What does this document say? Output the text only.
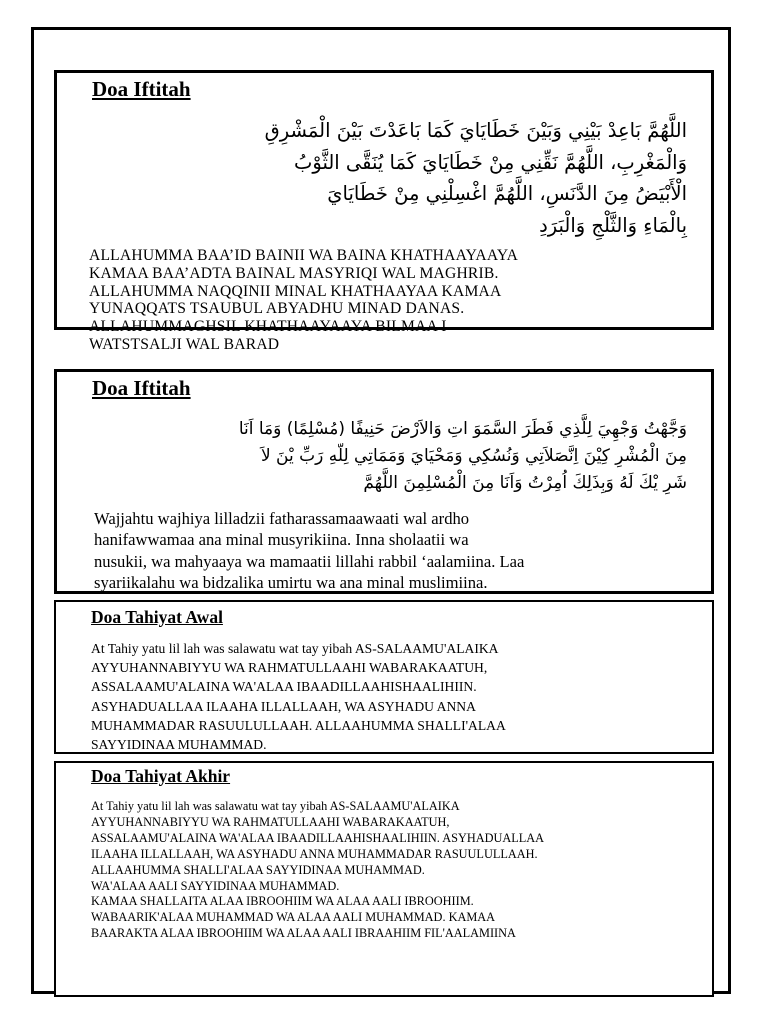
Doa Iftitah
اللَّهُمَّ بَاعِدْ بَيْنِي وَبَيْنَ خَطَايَايَ كَمَا بَاعَدْتَ بَيْنَ الْمَشْرِقِ
وَالْمَغْرِبِ، اللَّهُمَّ نَقِّنِي مِنْ خَطَايَايَ كَمَا يُنَقَّى الثَّوْبُ
الْأَبْيَضُ مِنَ الدَّنَسِ، اللَّهُمَّ اغْسِلْنِي مِنْ خَطَايَايَ
بِالْمَاءِ وَالثَّلْجِ وَالْبَرَدِ
ALLAHUMMA BAA’ID BAINII WA BAINA KHATHAAYAAYA
KAMAA BAA’ADTA BAINAL MASYRIQI WAL MAGHRIB.
ALLAHUMMA NAQQINII MINAL KHATHAAYAA KAMAA
YUNAQQATS TSAUBUL ABYADHU MINAD DANAS.
ALLAHUMMAGHSIL KHATHAAYAAYA BILMAA I
WATSTSALJI WAL BARAD
Doa Iftitah
وَجَّهْتُ وَجْهِيَ لِلَّذِي فَطَرَ السَّمَوَ اتِ وَالاَرْضَ حَنِيفًا (مُسْلِمًا) وَمَا اَنَا
مِنَ الْمُشْرِ كِيْنَ اِنَّصَلاَتِي وَنُسُكِي وَمَحْيَايَ وَمَمَاتِي لِلّهِ رَبِّ يْنَ لاَ
شَرِ يْكَ لَهُ وَبِذَلِكَ اُمِرْتُ وَاَنَا مِنَ الْمُسْلِمِنَ اللَّهُمَّ
Wajjahtu wajhiya lilladzii fatharassamaawaati wal ardho
hanifawwamaa ana minal musyrikiina. Inna sholaatii wa
nusukii, wa mahyaaya wa mamaatii lillahi rabbil ‘aalamiina. Laa
syariikalahu wa bidzalika umirtu wa ana minal muslimiina.
Doa Tahiyat Awal
At Tahiy yatu lil lah was salawatu wat tay yibah AS-SALAAMU'ALAIKA
AYYUHANNABIYYU WA RAHMATULLAAHI WABARAKAATUH,
ASSALAAMU'ALAINA WA'ALAA IBAADILLAAHISHAALIHIIN.
ASYHADUALLAA ILAAHA ILLALLAAH, WA ASYHADU ANNA
MUHAMMADAR RASUULULLAAH. ALLAAHUMMA SHALLI'ALAA
SAYYIDINAA MUHAMMAD.
Doa Tahiyat Akhir
At Tahiy yatu lil lah was salawatu wat tay yibah AS-SALAAMU'ALAIKA
AYYUHANNABIYYU WA RAHMATULLAAHI WABARAKAATUH,
ASSALAAMU'ALAINA WA'ALAA IBAADILLAAHISHAALIHIIN. ASYHADUALLAA
ILAAHA ILLALLAAH, WA ASYHADU ANNA MUHAMMADAR RASUULULLAAH.
ALLAAHUMMA SHALLI'ALAA SAYYIDINAA MUHAMMAD.
WA'ALAA AALI SAYYIDINAA MUHAMMAD.
KAMAA SHALLAITA ALAA IBROOHIIM WA ALAA AALI IBROOHIIM.
WABAARIK'ALAA MUHAMMAD WA ALAA AALI MUHAMMAD. KAMAA
BAARAKTA ALAA IBROOHIIM WA ALAA AALI IBRAAHIIM FIL'AALAMIINA
